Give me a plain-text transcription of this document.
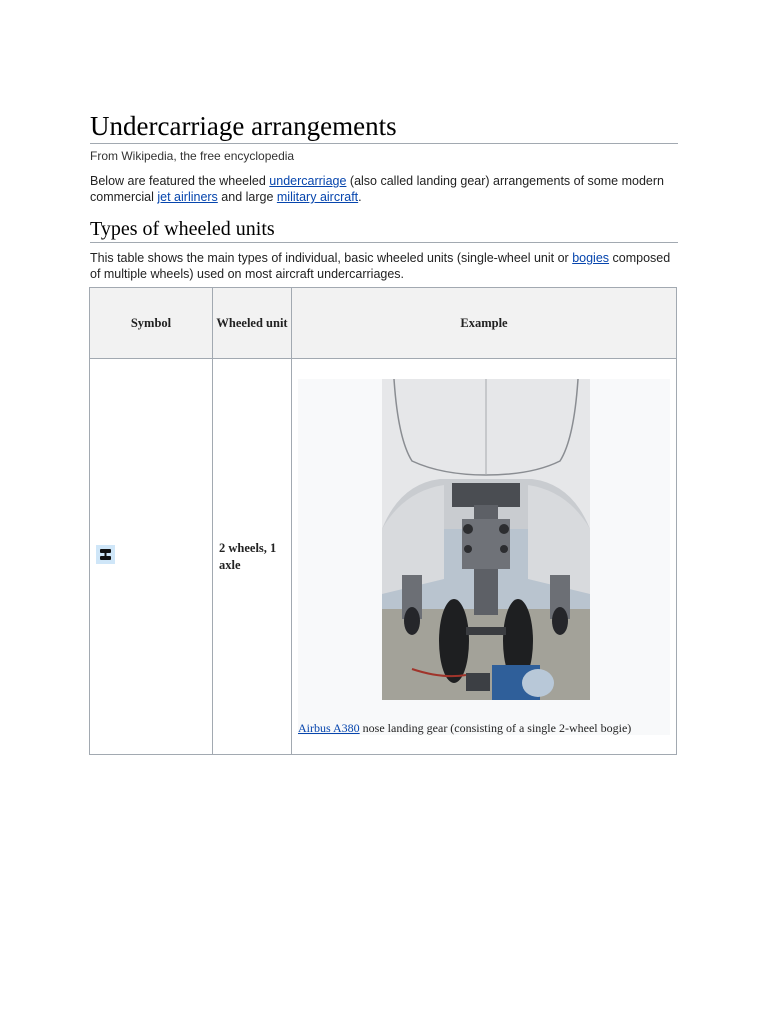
Undercarriage arrangements
From Wikipedia, the free encyclopedia

Below are featured the wheeled undercarriage (also called landing gear) arrangements of some modern commercial jet airliners and large military aircraft.

Types of wheeled units

This table shows the main types of individual, basic wheeled units (single-wheel unit or bogies composed of multiple wheels) used on most aircraft undercarriages.

Symbol	Wheeled unit	Example
	2 wheels, 1 axle	Airbus A380 nose landing gear (consisting of a single 2-wheel bogie)
